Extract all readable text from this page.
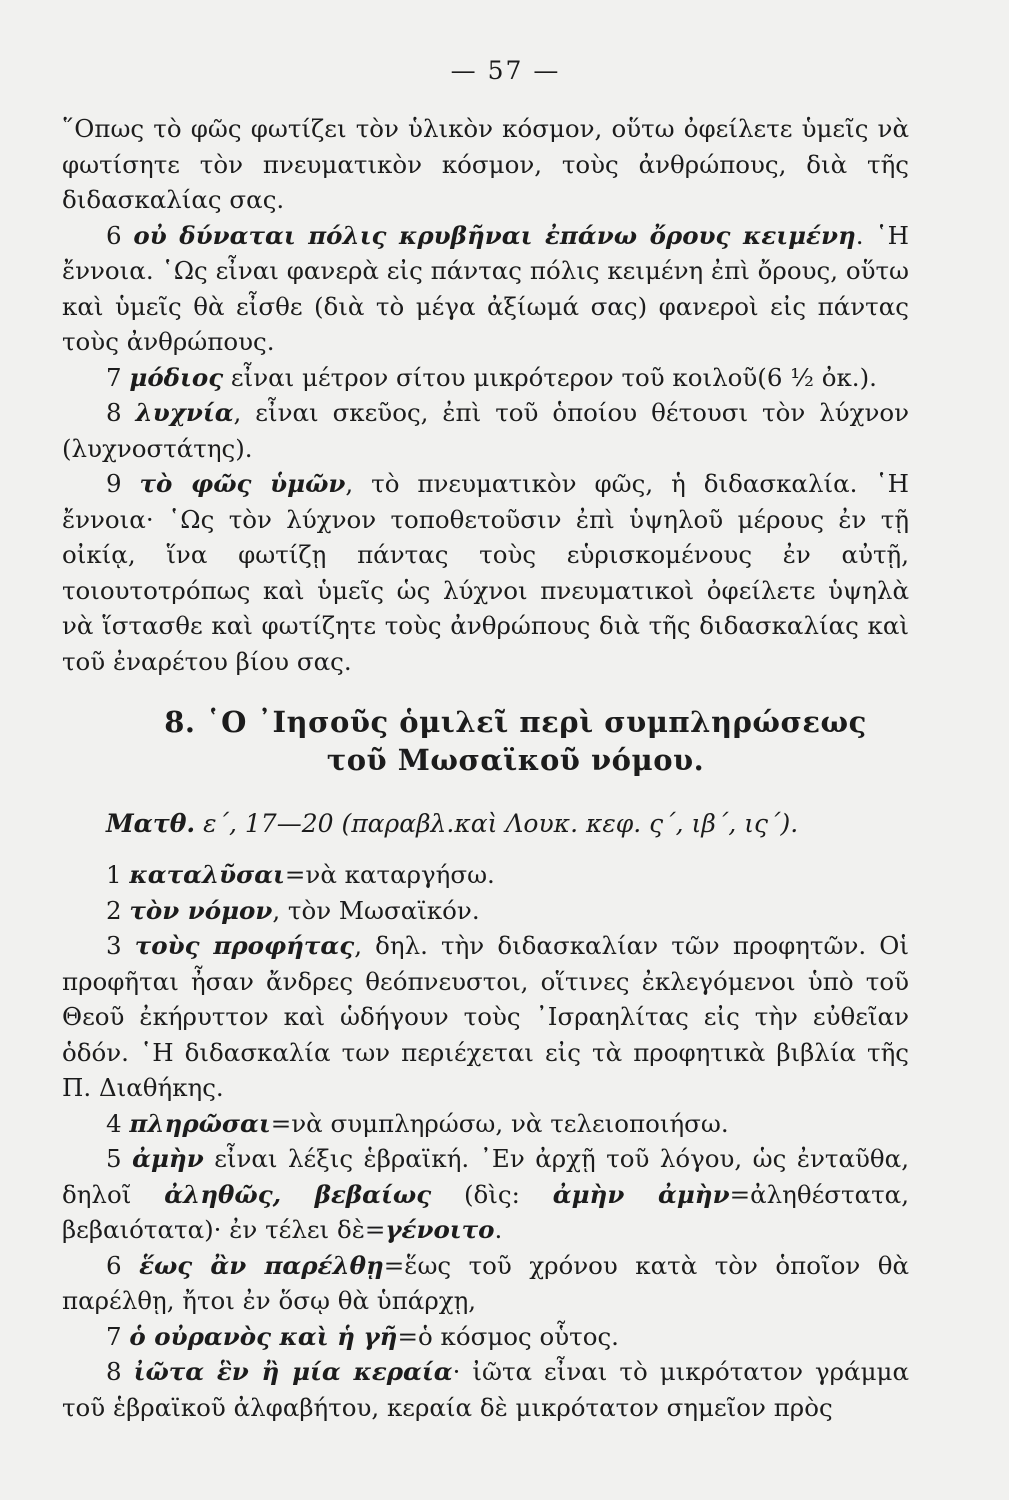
— 57 —

῞Οπως τὸ φῶς φωτίζει τὸν ὑλικὸν κόσμον, οὕτω ὀφείλετε ὑμεῖς νὰ φωτίσητε τὸν πνευματικὸν κόσμον, τοὺς ἀνθρώπους, διὰ τῆς διδασκαλίας σας.

6 οὐ δύναται πόλις κρυβῆναι ἐπάνω ὄρους κειμένη. ῾Η ἔννοια. ῾Ως εἶναι φανερὰ εἰς πάντας πόλις κειμένη ἐπὶ ὄρους, οὕτω καὶ ὑμεῖς θὰ εἶσθε (διὰ τὸ μέγα ἀξίωμά σας) φανεροὶ εἰς πάντας τοὺς ἀνθρώπους.

7 μόδιος εἶναι μέτρον σίτου μικρότερον τοῦ κοιλοῦ(6 ½ ὀκ.).

8 λυχνία, εἶναι σκεῦος, ἐπὶ τοῦ ὁποίου θέτουσι τὸν λύχνον (λυχνοστάτης).

9 τὸ φῶς ὑμῶν, τὸ πνευματικὸν φῶς, ἡ διδασκαλία. ῾Η ἔννοια· ῾Ως τὸν λύχνον τοποθετοῦσιν ἐπὶ ὑψηλοῦ μέρους ἐν τῇ οἰκίᾳ, ἵνα φωτίζῃ πάντας τοὺς εὑρισκομένους ἐν αὐτῇ, τοιουτοτρόπως καὶ ὑμεῖς ὡς λύχνοι πνευματικοὶ ὀφείλετε ὑψηλὰ νὰ ἵστασθε καὶ φωτίζητε τοὺς ἀνθρώπους διὰ τῆς διδασκαλίας καὶ τοῦ ἐναρέτου βίου σας.

8. ῾Ο ᾿Ιησοῦς ὁμιλεῖ περὶ συμπληρώσεως
τοῦ Μωσαϊκοῦ νόμου.

Ματθ. ε΄, 17—20 (παραβλ.καὶ Λουκ. κεφ. ς΄, ιβ΄, ις΄).

1 καταλῦσαι=νὰ καταργήσω.

2 τὸν νόμον, τὸν Μωσαϊκόν.

3 τοὺς προφήτας, δηλ. τὴν διδασκαλίαν τῶν προφητῶν. Οἱ προφῆται ἦσαν ἄνδρες θεόπνευστοι, οἵτινες ἐκλεγόμενοι ὑπὸ τοῦ Θεοῦ ἐκήρυττον καὶ ὡδήγουν τοὺς ᾿Ισραηλίτας εἰς τὴν εὐθεῖαν ὁδόν. ῾Η διδασκαλία των περιέχεται εἰς τὰ προφητικὰ βιβλία τῆς Π. Διαθήκης.

4 πληρῶσαι=νὰ συμπληρώσω, νὰ τελειοποιήσω.

5 ἀμὴν εἶναι λέξις ἑβραϊκή. ᾿Εν ἀρχῇ τοῦ λόγου, ὡς ἐνταῦθα, δηλοῖ ἀληθῶς, βεβαίως (δὶς: ἀμὴν ἀμὴν=ἀληθέστατα, βεβαιότατα)· ἐν τέλει δὲ=γένοιτο.

6 ἕως ἂν παρέλθῃ=ἕως τοῦ χρόνου κατὰ τὸν ὁποῖον θὰ παρέλθῃ, ἤτοι ἐν ὅσῳ θὰ ὑπάρχῃ,

7 ὁ οὐρανὸς καὶ ἡ γῆ=ὁ κόσμος οὗτος.

8 ἰῶτα ἓν ἢ μία κεραία· ἰῶτα εἶναι τὸ μικρότατον γράμμα τοῦ ἑβραϊκοῦ ἀλφαβήτου, κεραία δὲ μικρότατον σημεῖον πρὸς
